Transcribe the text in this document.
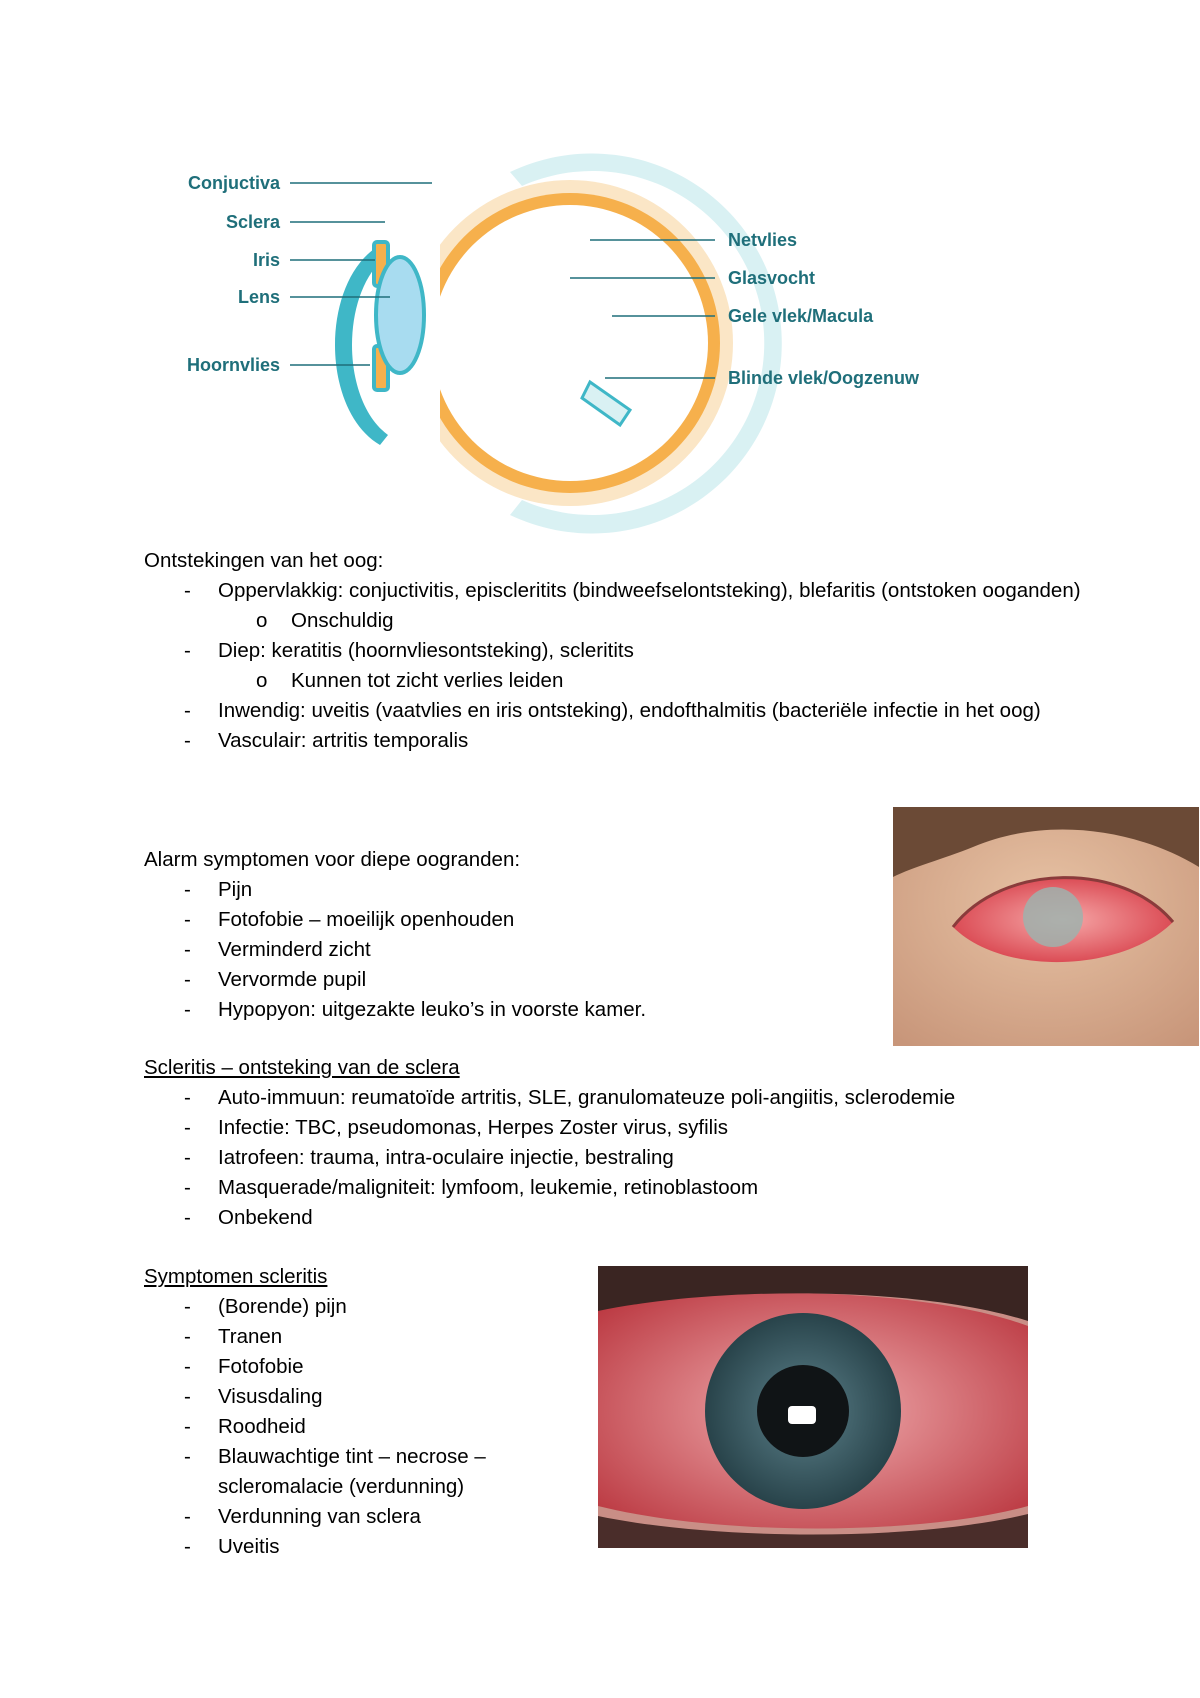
Conjuctiva
Sclera
Iris
Lens
Hoornvlies
Netvlies
Glasvocht
Gele vlek/Macula
Blinde vlek/Oogzenuw

Ontstekingen van het oog:

- Oppervlakkig: conjuctivitis, episcleritits (bindweefselontsteking), blefaritis (ontstoken ooganden)
o Onschuldig
- Diep: keratitis (hoornvliesontsteking), scleritits
o Kunnen tot zicht verlies leiden
- Inwendig: uveitis (vaatvlies en iris ontsteking), endofthalmitis (bacteriële infectie in het oog)
- Vasculair: artritis temporalis

Alarm symptomen voor diepe oogranden:

- Pijn
- Fotofobie – moeilijk openhouden
- Verminderd zicht
- Vervormde pupil
- Hypopyon: uitgezakte leuko’s in voorste kamer.

Scleritis – ontsteking van de sclera

- Auto-immuun: reumatoïde artritis, SLE, granulomateuze poli-angiitis, sclerodemie
- Infectie: TBC, pseudomonas, Herpes Zoster virus, syfilis
- Iatrofeen: trauma, intra-oculaire injectie, bestraling
- Masquerade/maligniteit: lymfoom, leukemie, retinoblastoom
- Onbekend

Symptomen scleritis

- (Borende) pijn
- Tranen
- Fotofobie
- Visusdaling
- Roodheid
- Blauwachtige tint – necrose – scleromalacie (verdunning)
- Verdunning van sclera
- Uveitis
